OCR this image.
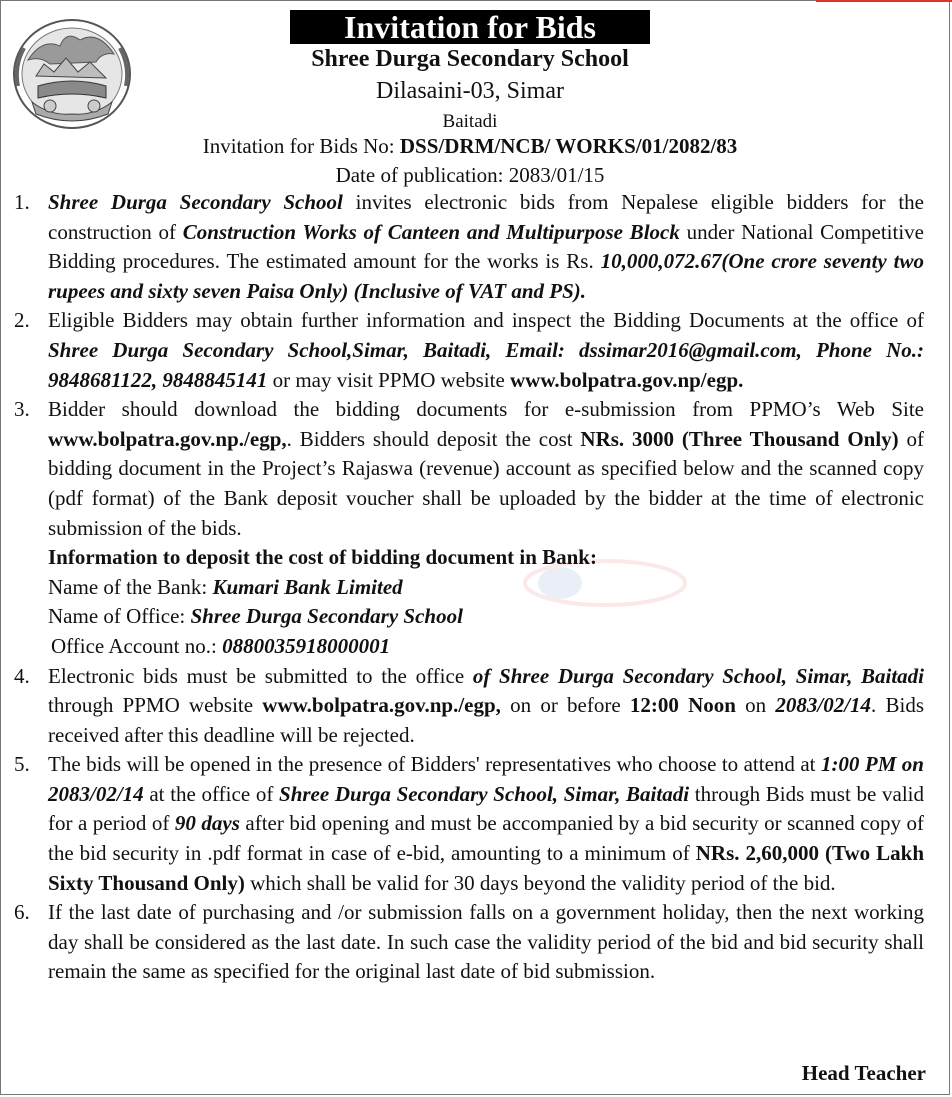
Invitation for Bids
Shree Durga Secondary School
Dilasaini-03, Simar
Baitadi
Invitation for Bids No: DSS/DRM/NCB/ WORKS/01/2082/83
Date of publication: 2083/01/15
1. Shree Durga Secondary School invites electronic bids from Nepalese eligible bidders for the construction of Construction Works of Canteen and Multipurpose Block under National Competitive Bidding procedures. The estimated amount for the works is Rs. 10,000,072.67(One crore seventy two rupees and sixty seven Paisa Only) (Inclusive of VAT and PS).
2. Eligible Bidders may obtain further information and inspect the Bidding Documents at the office of Shree Durga Secondary School,Simar, Baitadi, Email: dssimar2016@gmail.com, Phone No.: 9848681122, 9848845141 or may visit PPMO website www.bolpatra.gov.np/egp.
3. Bidder should download the bidding documents for e-submission from PPMO’s Web Site www.bolpatra.gov.np./egp,. Bidders should deposit the cost NRs. 3000 (Three Thousand Only) of bidding document in the Project’s Rajaswa (revenue) account as specified below and the scanned copy (pdf format) of the Bank deposit voucher shall be uploaded by the bidder at the time of electronic submission of the bids.
Information to deposit the cost of bidding document in Bank:
Name of the Bank: Kumari Bank Limited
Name of Office: Shree Durga Secondary School
Office Account no.: 0880035918000001
4. Electronic bids must be submitted to the office of Shree Durga Secondary School, Simar, Baitadi through PPMO website www.bolpatra.gov.np./egp, on or before 12:00 Noon on 2083/02/14. Bids received after this deadline will be rejected.
5. The bids will be opened in the presence of Bidders' representatives who choose to attend at 1:00 PM on 2083/02/14 at the office of Shree Durga Secondary School, Simar, Baitadi through Bids must be valid for a period of 90 days after bid opening and must be accompanied by a bid security or scanned copy of the bid security in .pdf format in case of e-bid, amounting to a minimum of NRs. 2,60,000 (Two Lakh Sixty Thousand Only) which shall be valid for 30 days beyond the validity period of the bid.
6. If the last date of purchasing and /or submission falls on a government holiday, then the next working day shall be considered as the last date. In such case the validity period of the bid and bid security shall remain the same as specified for the original last date of bid submission.
Head Teacher
